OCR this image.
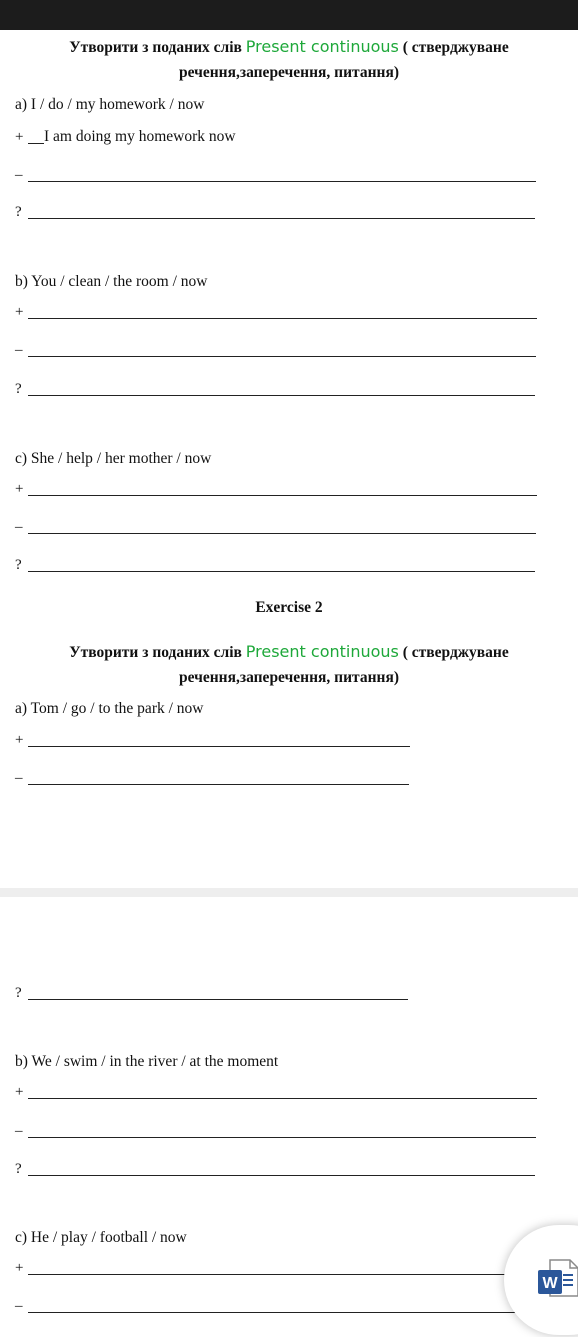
Утворити з поданих слів Present continuous ( стверджуване
речення,заперечення, питання)
a) I / do / my homework / now
+ I am doing my homework now
–
?
b) You / clean / the room / now
+
–
?
c) She / help / her mother / now
+
–
?
Exercise 2
Утворити з поданих слів Present continuous ( стверджуване
речення,заперечення, питання)
a) Tom / go / to the park / now
+
–
?
b) We / swim / in the river / at the moment
+
–
?
c) He / play / football / now
+
–
W
